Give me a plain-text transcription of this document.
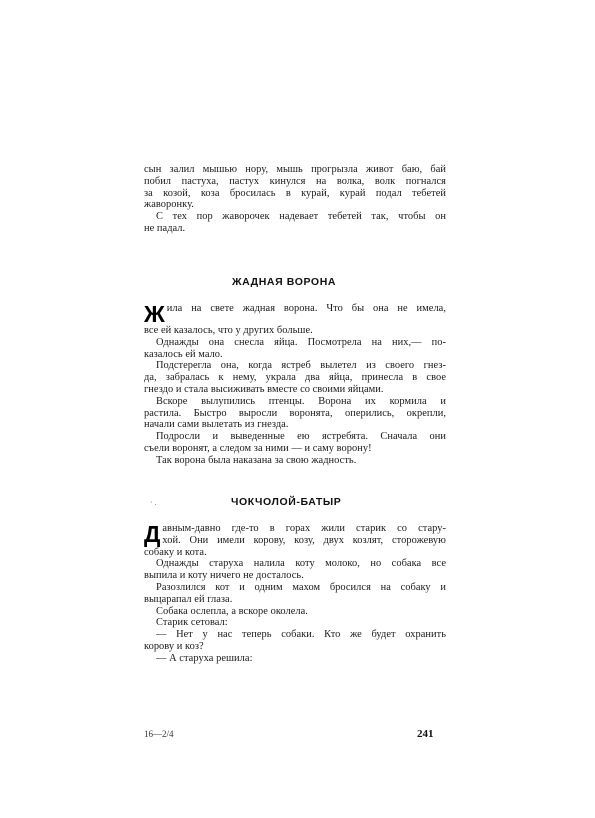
сын залил мышью нору, мышь прогрызла живот баю, бай
побил пастуха, пастух кинулся на волка, волк погнался
за козой, коза бросилась в курай, курай подал тебетей
жаворонку.
С тех пор жаворочек надевает тебетей так, чтобы он
не падал.
ЖАДНАЯ ВОРОНА
Ж ила на свете жадная ворона. Что бы она не имела,
все ей казалось, что у других больше.
Однажды она снесла яйца. Посмотрела на них,— по-
казалось ей мало.
Подстерегла она, когда ястреб вылетел из своего гнез-
да, забралась к нему, украла два яйца, принесла в свое
гнездо и стала высиживать вместе со своими яйцами.
Вскоре вылупились птенцы. Ворона их кормила и
растила. Быстро выросли воронята, оперились, окрепли,
начали сами вылетать из гнезда.
Подросли и выведенные ею ястребята. Сначала они
съели воронят, а следом за ними — и саму ворону!
Так ворона была наказана за свою жадность.
· .	ЧОКЧОЛОЙ-БАТЫР
Д авным-давно где-то в горах жили старик со стару-
хой. Они имели корову, козу, двух козлят, сторожевую
собаку и кота.
Однажды старуха налила коту молоко, но собака все
выпила и коту ничего не досталось.
Разозлился кот и одним махом бросился на собаку и
выцарапал ей глаза.
Собака ослепла, а вскоре околела.
Старик сетовал:
— Нет у нас теперь собаки. Кто же будет охранить
корову и коз?
— А старуха решила:
16—2/4	241
